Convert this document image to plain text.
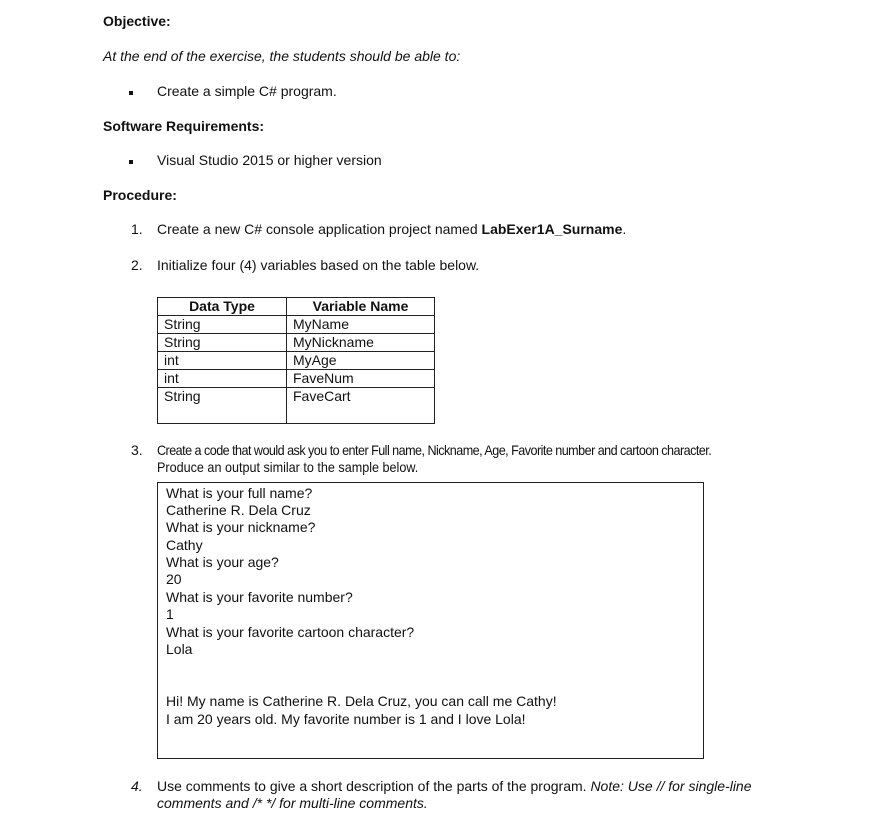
Objective:
At the end of the exercise, the students should be able to:
Create a simple C# program.
Software Requirements:
Visual Studio 2015 or higher version
Procedure:
1. Create a new C# console application project named LabExer1A_Surname.
2. Initialize four (4) variables based on the table below.
Data Type	Variable Name
String	MyName
String	MyNickname
int	MyAge
int	FaveNum
String	FaveCart
3. Create a code that would ask you to enter Full name, Nickname, Age, Favorite number and cartoon character.
Produce an output similar to the sample below.
What is your full name?
Catherine R. Dela Cruz
What is your nickname?
Cathy
What is your age?
20
What is your favorite number?
1
What is your favorite cartoon character?
Lola
Hi! My name is Catherine R. Dela Cruz, you can call me Cathy!
I am 20 years old. My favorite number is 1 and I love Lola!
4. Use comments to give a short description of the parts of the program. Note: Use // for single-line
comments and /* */ for multi-line comments.
